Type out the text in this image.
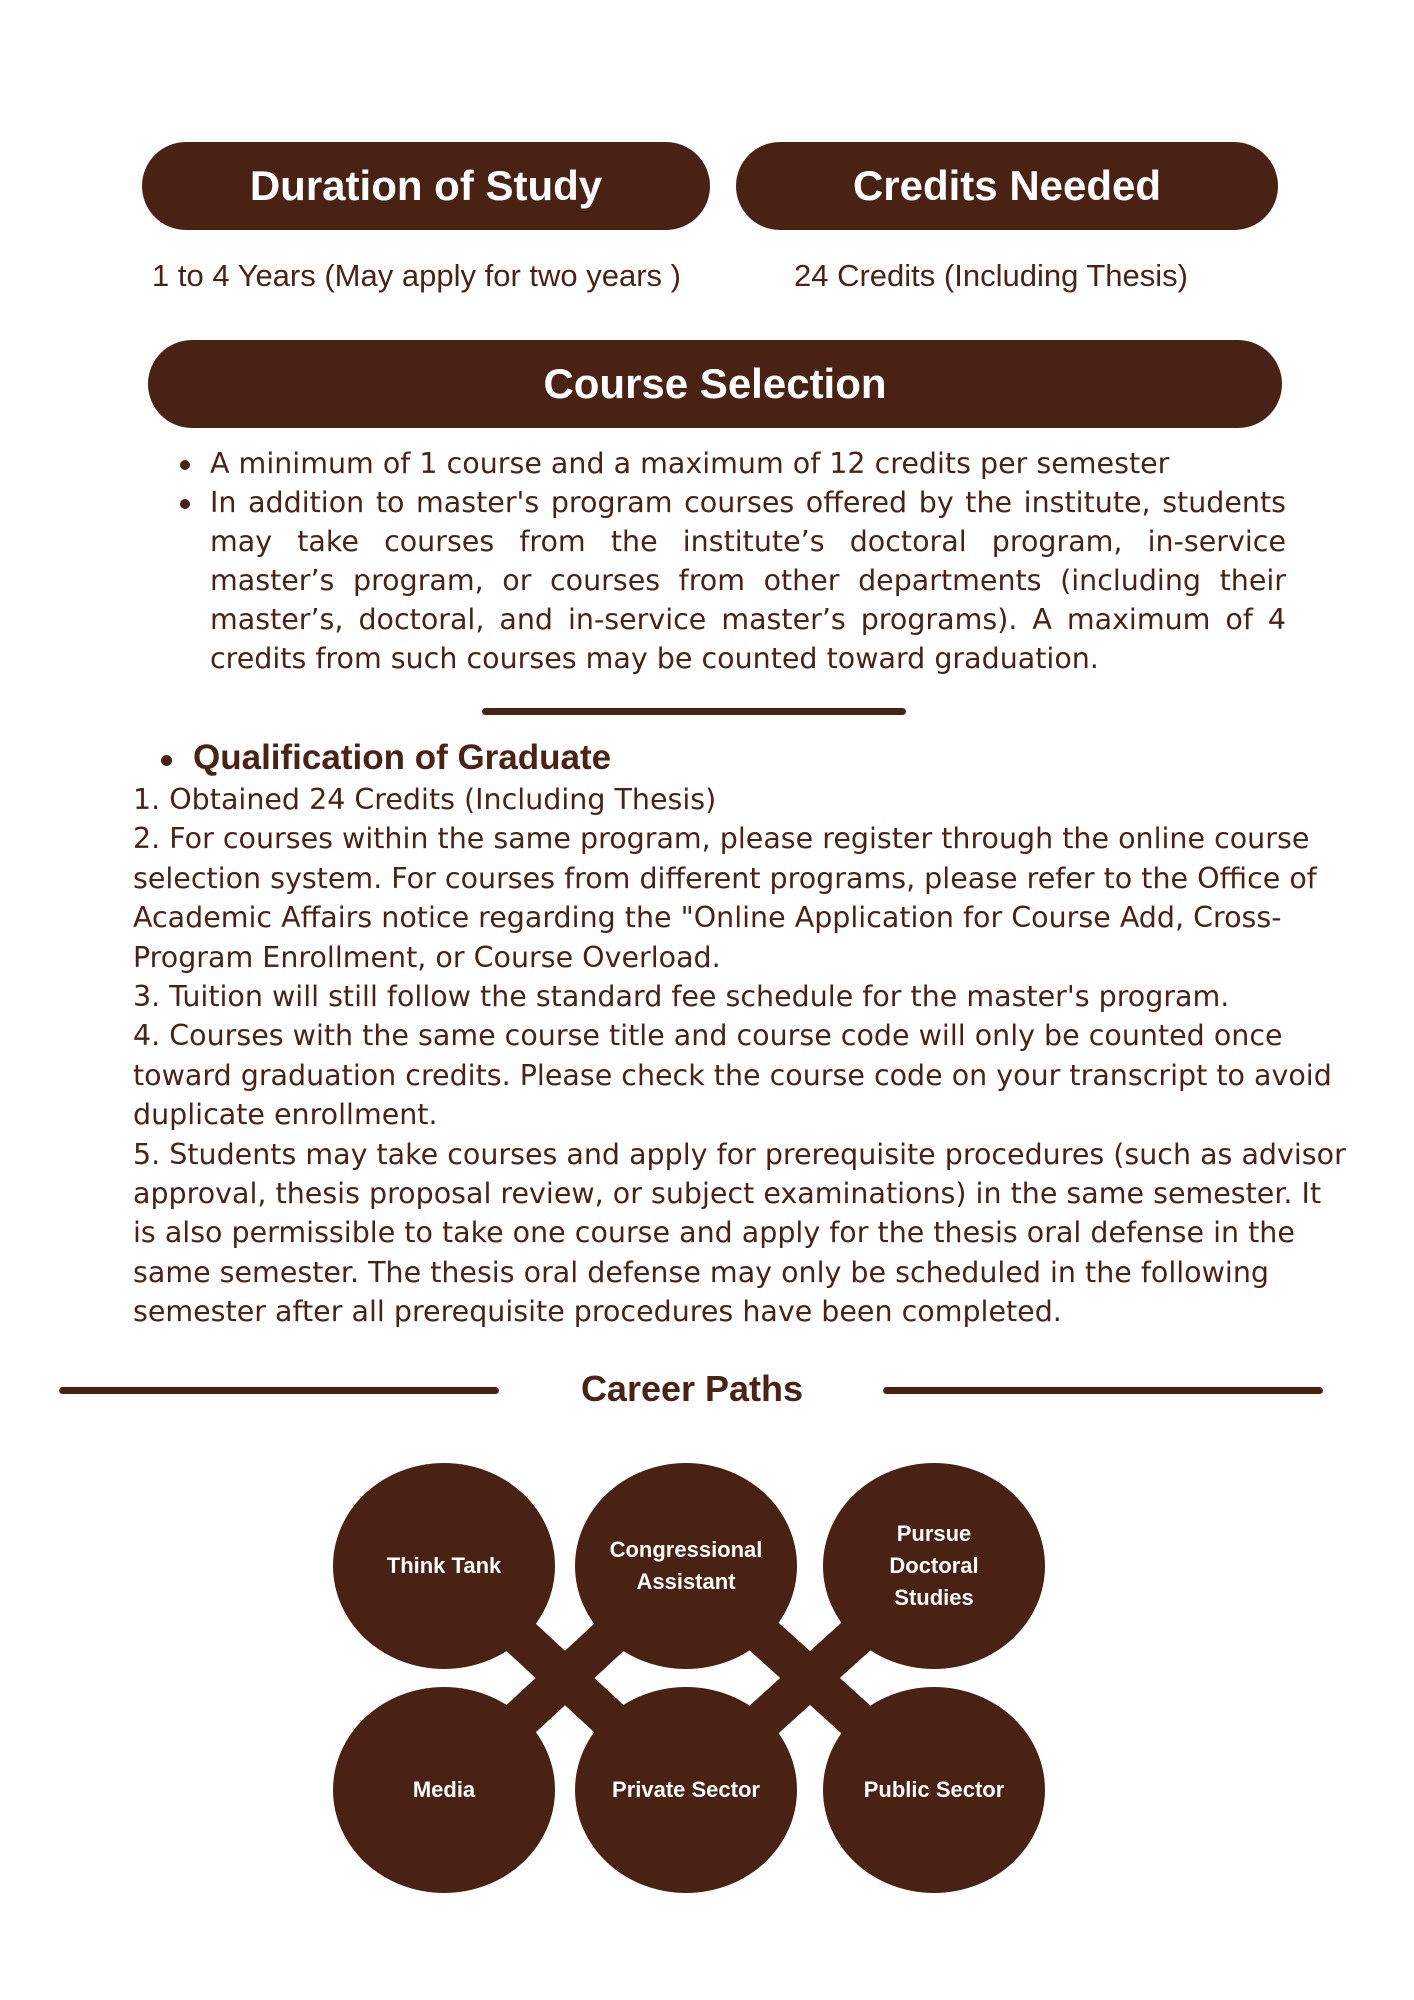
Duration of Study	Credits Needed
1 to 4 Years (May apply for two years )	24 Credits (Including Thesis)
Course Selection
A minimum of 1 course and a maximum of 12 credits per semester
In addition to master's program courses offered by the institute, students may take courses from the institute’s doctoral program, in-service master’s program, or courses from other departments (including their master’s, doctoral, and in-service master’s programs). A maximum of 4 credits from such courses may be counted toward graduation.
Qualification of Graduate

1. Obtained 24 Credits (Including Thesis)

2. For courses within the same program, please register through the online course selection system. For courses from different programs, please refer to the Office of Academic Affairs notice regarding the "Online Application for Course Add, Cross-Program Enrollment, or Course Overload.

3. Tuition will still follow the standard fee schedule for the master's program.

4. Courses with the same course title and course code will only be counted once toward graduation credits. Please check the course code on your transcript to avoid duplicate enrollment.

5. Students may take courses and apply for prerequisite procedures (such as advisor approval, thesis proposal review, or subject examinations) in the same semester. It is also permissible to take one course and apply for the thesis oral defense in the same semester. The thesis oral defense may only be scheduled in the following semester after all prerequisite procedures have been completed.

Career Paths
Think Tank
Congressional Assistant
Pursue Doctoral Studies
Media	Private Sector	Public Sector
